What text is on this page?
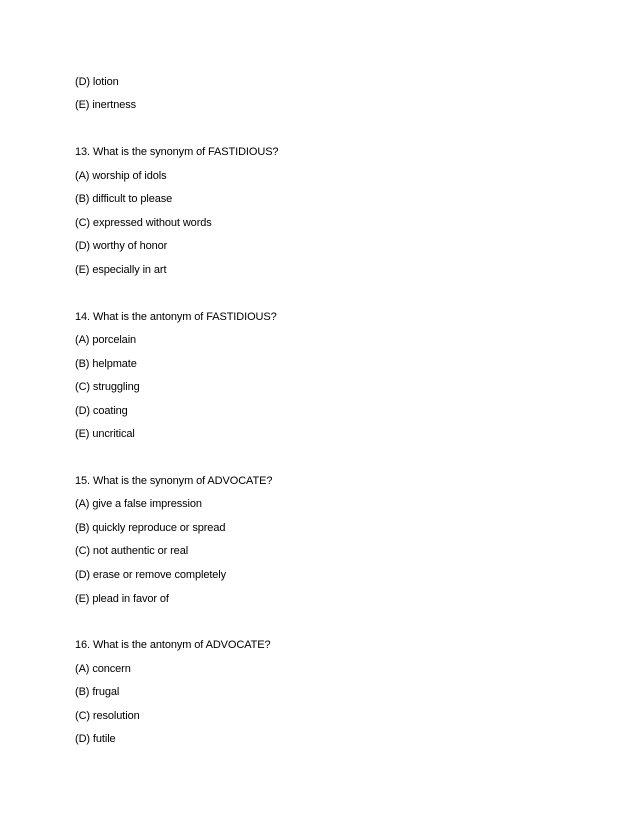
(D) lotion
(E) inertness
13. What is the synonym of FASTIDIOUS?
(A) worship of idols
(B) difficult to please
(C) expressed without words
(D) worthy of honor
(E) especially in art
14. What is the antonym of FASTIDIOUS?
(A) porcelain
(B) helpmate
(C) struggling
(D) coating
(E) uncritical
15. What is the synonym of ADVOCATE?
(A) give a false impression
(B) quickly reproduce or spread
(C) not authentic or real
(D) erase or remove completely
(E) plead in favor of
16. What is the antonym of ADVOCATE?
(A) concern
(B) frugal
(C) resolution
(D) futile
